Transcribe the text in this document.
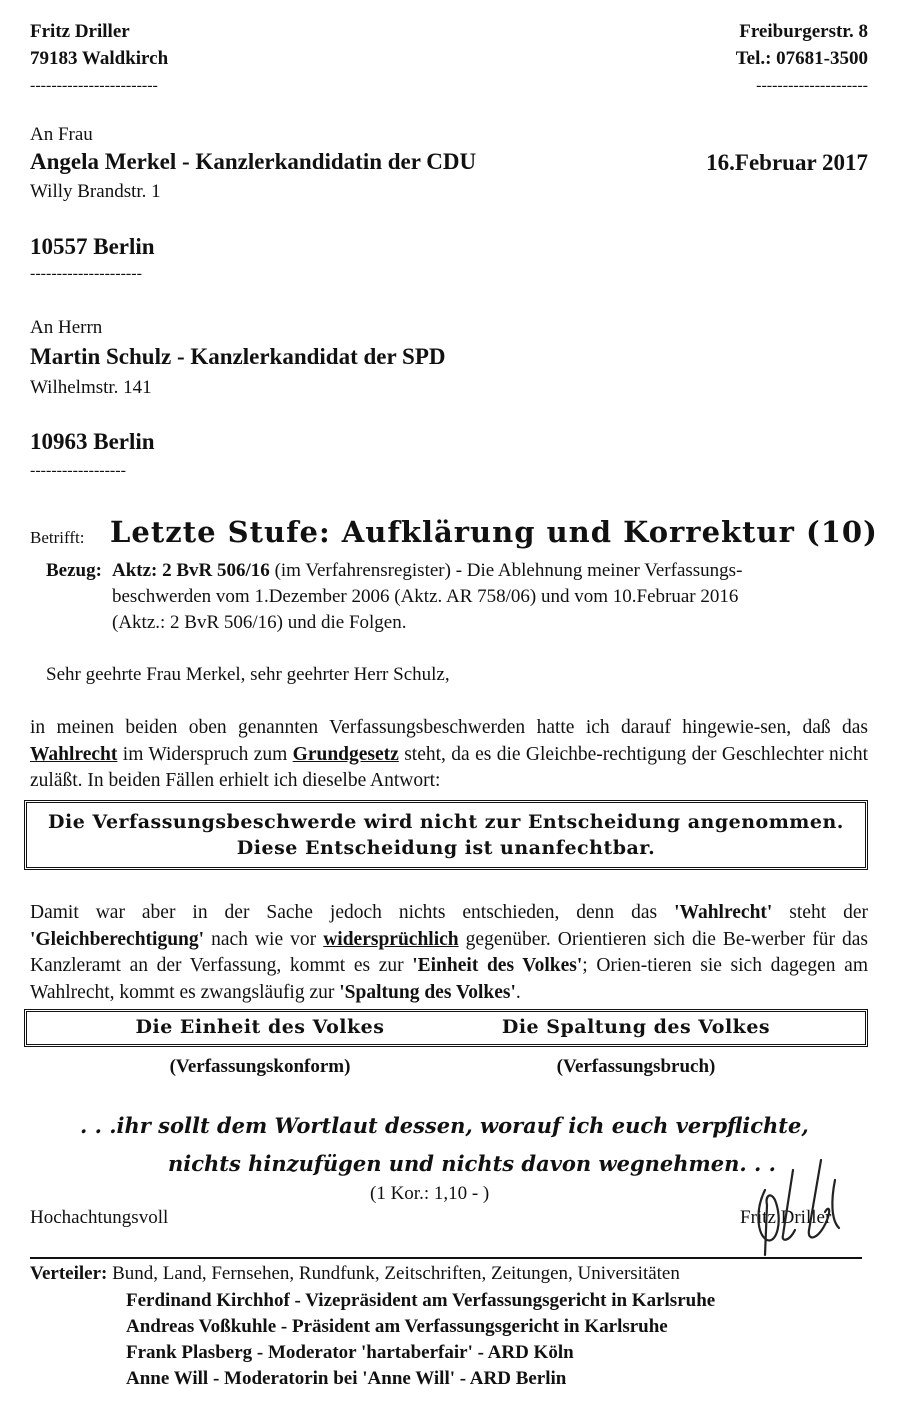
Fritz Driller
79183 Waldkirch
------------------------
Freiburgerstr. 8
Tel.: 07681-3500
---------------------
An Frau
Angela Merkel - Kanzlerkandidatin der CDU
Willy Brandstr. 1
10557 Berlin
---------------------
16.Februar 2017
An Herrn
Martin Schulz - Kanzlerkandidat der SPD
Wilhelmstr. 141
10963 Berlin
------------------
Betrifft: Letzte Stufe: Aufklärung und Korrektur (10)
Bezug: Aktz: 2 BvR 506/16 (im Verfahrensregister) - Die Ablehnung meiner Verfassungs-
beschwerden vom 1.Dezember 2006 (Aktz. AR 758/06) und vom 10.Februar 2016
(Aktz.: 2 BvR 506/16) und die Folgen.
Sehr geehrte Frau Merkel, sehr geehrter Herr Schulz,
in meinen beiden oben genannten Verfassungsbeschwerden hatte ich darauf hingewie-sen, daß das Wahlrecht im Widerspruch zum Grundgesetz steht, da es die Gleichbe-rechtigung der Geschlechter nicht zuläßt. In beiden Fällen erhielt ich dieselbe Antwort:
Die Verfassungsbeschwerde wird nicht zur Entscheidung angenommen.
Diese Entscheidung ist unanfechtbar.
Damit war aber in der Sache jedoch nichts entschieden, denn das 'Wahlrecht' steht der 'Gleichberechtigung' nach wie vor widersprüchlich gegenüber. Orientieren sich die Be-werber für das Kanzleramt an der Verfassung, kommt es zur 'Einheit des Volkes'; Orien-tieren sie sich dagegen am Wahlrecht, kommt es zwangsläufig zur 'Spaltung des Volkes'.
Die Einheit des Volkes	Die Spaltung des Volkes
(Verfassungskonform)	(Verfassungsbruch)
. . .ihr sollt dem Wortlaut dessen, worauf ich euch verpflichte,
nichts hinzufügen und nichts davon wegnehmen. . .
(1 Kor.: 1,10 - )
Hochachtungsvoll	Fritz Driller
Verteiler: Bund, Land, Fernsehen, Rundfunk, Zeitschriften, Zeitungen, Universitäten
Ferdinand Kirchhof - Vizepräsident am Verfassungsgericht in Karlsruhe
Andreas Voßkuhle - Präsident am Verfassungsgericht in Karlsruhe
Frank Plasberg - Moderator 'hartaberfair' - ARD Köln
Anne Will - Moderatorin bei 'Anne Will' - ARD Berlin
